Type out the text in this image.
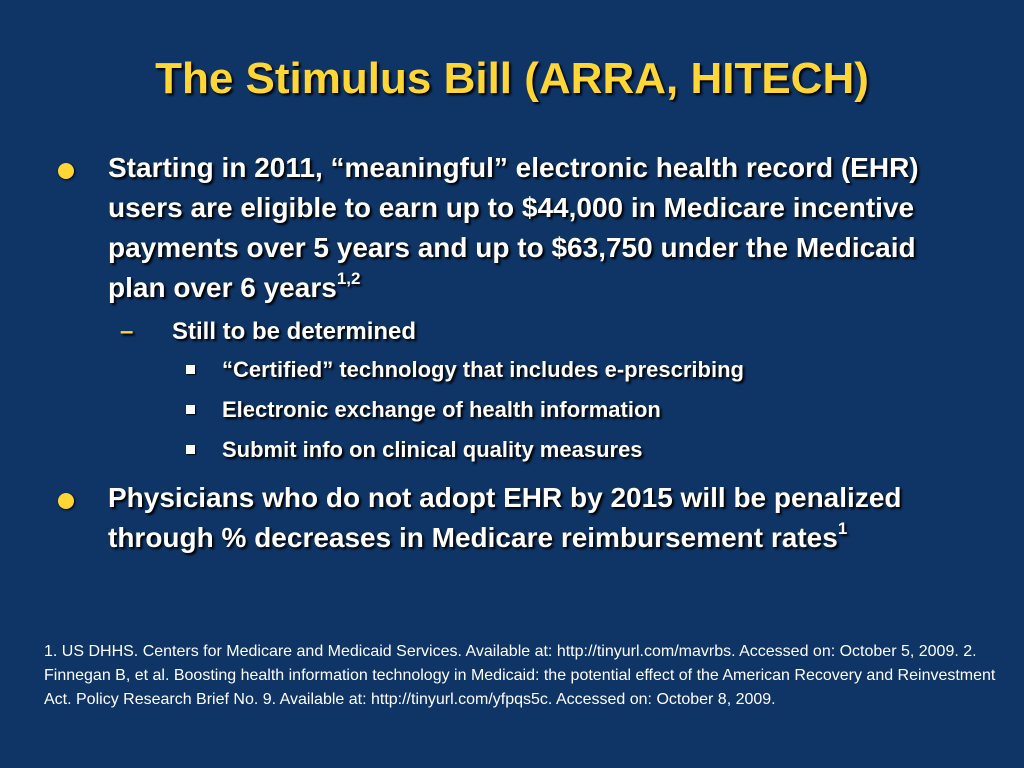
The Stimulus Bill (ARRA, HITECH)
Starting in 2011, “meaningful” electronic health record (EHR) users are eligible to earn up to $44,000 in Medicare incentive payments over 5 years and up to $63,750 under the Medicaid plan over 6 years$^{1,2}$
– Still to be determined
“Certified” technology that includes e-prescribing
Electronic exchange of health information
Submit info on clinical quality measures
Physicians who do not adopt EHR by 2015 will be penalized through % decreases in Medicare reimbursement rates$^1$
1. US DHHS. Centers for Medicare and Medicaid Services. Available at: http://tinyurl.com/mavrbs. Accessed on: October 5, 2009. 2. Finnegan B, et al. Boosting health information technology in Medicaid: the potential effect of the American Recovery and Reinvestment Act. Policy Research Brief No. 9. Available at: http://tinyurl.com/yfpqs5c. Accessed on: October 8, 2009.
